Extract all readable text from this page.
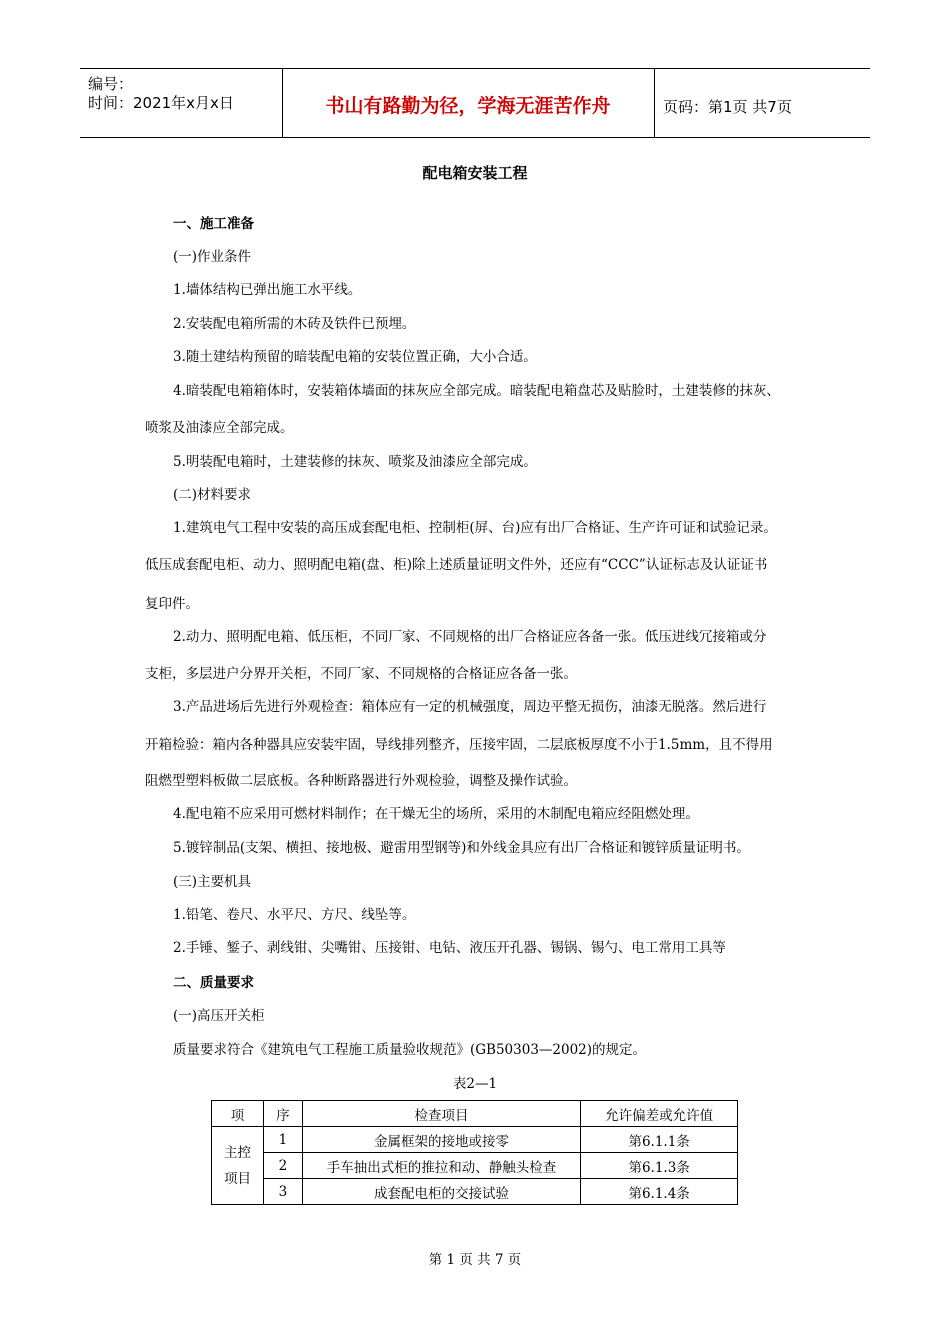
编号：
时间：2021年x月x日	书山有路勤为径，学海无涯苦作舟	页码：第1页 共7页
配电箱安装工程
一、施工准备
(一)作业条件
1.墙体结构已弹出施工水平线。
2.安装配电箱所需的木砖及铁件已预埋。
3.随土建结构预留的暗装配电箱的安装位置正确，大小合适。
4.暗装配电箱箱体时，安装箱体墙面的抹灰应全部完成。暗装配电箱盘芯及贴脸时，土建装修的抹灰、
喷浆及油漆应全部完成。
5.明装配电箱时，土建装修的抹灰、喷浆及油漆应全部完成。
(二)材料要求
1.建筑电气工程中安装的高压成套配电柜、控制柜(屏、台)应有出厂合格证、生产许可证和试验记录。
低压成套配电柜、动力、照明配电箱(盘、柜)除上述质量证明文件外，还应有“CCC”认证标志及认证证书
复印件。
2.动力、照明配电箱、低压柜，不同厂家、不同规格的出厂合格证应各备一张。低压进线冗接箱或分
支柜，多层进户分界开关柜，不同厂家、不同规格的合格证应各备一张。
3.产品进场后先进行外观检查：箱体应有一定的机械强度，周边平整无损伤，油漆无脱落。然后进行
开箱检验：箱内各种器具应安装牢固，导线排列整齐，压接牢固，二层底板厚度不小于1.5mm，且不得用
阻燃型塑料板做二层底板。各种断路器进行外观检验，调整及操作试验。
4.配电箱不应采用可燃材料制作；在干燥无尘的场所，采用的木制配电箱应经阻燃处理。
5.镀锌制品(支架、横担、接地极、避雷用型钢等)和外线金具应有出厂合格证和镀锌质量证明书。
(三)主要机具
1.铅笔、卷尺、水平尺、方尺、线坠等。
2.手锤、錾子、剥线钳、尖嘴钳、压接钳、电钻、液压开孔器、锡锅、锡勺、电工常用工具等
二、质量要求
(一)高压开关柜
质量要求符合《建筑电气工程施工质量验收规范》(GB50303—2002)的规定。
表2—1
项	序	检查项目	允许偏差或允许值

主控
项目	1	金属框架的接地或接零	第6.1.1条
	2	手车抽出式柜的推拉和动、静触头检查	第6.1.3条
	3	成套配电柜的交接试验	第6.1.4条
第 1 页 共 7 页
